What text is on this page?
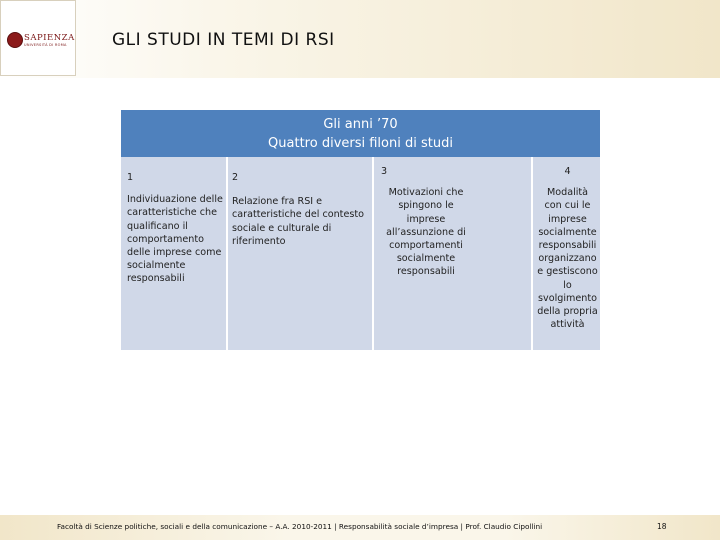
SAPIENZA
UNIVERSITÀ DI ROMA	GLI STUDI IN TEMI DI RSI
Gli anni ’70
Quattro diversi filoni di studi
1
Individuazione delle caratteristiche che qualificano il comportamento delle imprese come socialmente responsabili
2
Relazione fra RSI e caratteristiche del contesto sociale e culturale di riferimento
3
Motivazioni che spingono le imprese all’assunzione di comportamenti socialmente responsabili
4
Modalità con cui le imprese socialmente responsabili organizzano e gestiscono lo svolgimento della propria attività
Facoltà di Scienze politiche, sociali e della comunicazione – A.A. 2010-2011 | Responsabilità sociale d’impresa | Prof. Claudio Cipollini	18
